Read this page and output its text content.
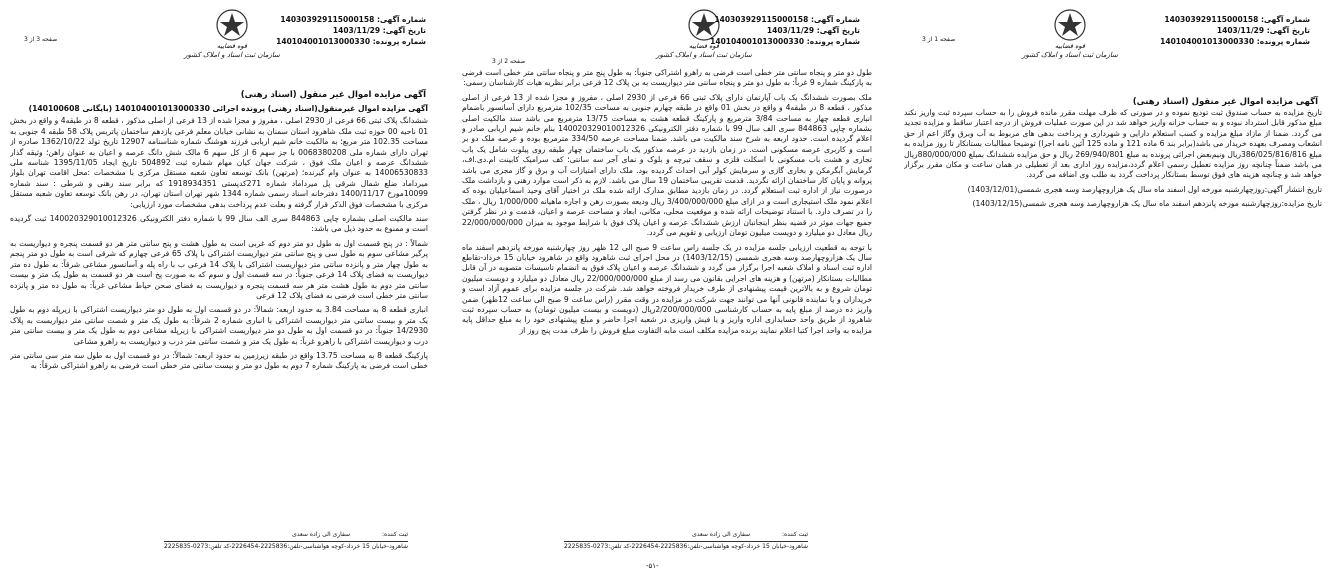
قوه قضاییه
سازمان ثبت اسناد و املاک کشور
شماره آگهی: 140303929115000158
تاریخ آگهی: 1403/11/29
شماره پرونده: 140104001013000330
صفحه 3 از 3
آگهی مزایده اموال غیر منقول (اسناد رهنی)
آگهی مزایده اموال غیرمنقول(اسناد رهنی) پرونده اجرائی 140104001013000330 (بایگانی 140100608)

ششدانگ پلاک ثبتی 66 فرعی از 2930 اصلی ، مفروز و مجزا شده از 13 فرعی از اصلی مذکور ، قطعه 8 در طبقه4 و واقع در بخش 01 ناحیه 00 حوزه ثبت ملک شاهرود استان سمنان به نشانی خیابان معلم فرعی یازدهم ساختمان پاتریس پلاک 58 طبقه 4 جنوبی به مساحت 102.35 متر مربع؛ به مالکیت خانم شیم اربابی فرزند هوشنگ شماره شناسنامه 12907 تاریخ تولد 1362/10/22 صادره از تهران دارای شماره ملی 0068380208 با جز سهم 6 از کل سهم 6 مالک شش دانگ عرصه و اعیان به عنوان راهن؛ وثیقه گذار ششدانگ عرصه و اعیان ملک فوق ، شرکت جهان کیان مهام شماره ثبت 504892 تاریخ ایجاد 1395/11/05 شناسه ملی 14006530833 به عنوان وام گیرنده؛ (مرتهن) بانک توسعه تعاون شعبه مستقل مرکزی با مشخصات :محل اقامت تهران بلوار میرداماد ضلع شمال شرقی پل میرداماد شماره 271کدپستی 1918934351 که برابر سند رهنی و شرطی : سند شماره 10099مورخ 1400/11/17 دفترخانه اسناد رسمی شماره 1344 شهر تهران استان تهران، در رهن بانک توسعه تعاون شعبه مستقل مرکزی با مشخصات فوق الذکر قرار گرفته و بعلت عدم پرداخت بدهی مشخصات مورد ارزیابی:

سند مالکیت اصلی بشماره چاپی 844863 سری الف سال 99 با شماره دفتر الکترونیکی 140020329010012326 ثبت گردیده است و ممنوع به حدود ذیل می باشد:

شمالاً : در پنج قسمت اول به طول دو متر دوم که غربی است به طول هشت و پنج سانتی متر هر دو قسمت پنجره و دیواریست به پرگیر مشاعی سوم به طول سی و پنج سانتی متر دیواریست اشتراکی با پلاک 65 فرعی چهارم که شرقی است به طول دو متر پنجم به طول چهار متر و پانزده سانتی متر دیواریست اشتراکی با پلاک 14 فرعی ب با راه پله و آسانسور مشاعی شرقاً: به طول ده متر دیواریست به فضای پلاک 14 فرعی جنوباً: در سه قسمت اول و سوم که به صورت پخ است هر دو قسمت به طول یک متر و بیست سانتی متر دوم به طول هشت متر هر سه قسمت پنجره و دیواریست به فضای صحن حیاط مشاعی غرباً: به طول ده متر و پانزده سانتی متر خطی است فرضی به فضای پلاک 12 فرعی

انباری قطعه 8 به مساحت 3.84 به حدود اربعه: شمالاً: در دو قسمت اول به طول دو متر دیواریست اشتراکی با زیرپله دوم به طول یک متر و بیست سانتی متر دیواریست اشتراکی با انباری شماره 2 شرقاً: به طول یک متر و شصت سانتی متر دیواریست به پلاک 14/2930 جنوباً: در دو قسمت اول به طول دو متر دیواریست اشتراکی با زیرپله مشاعی دوم به طول یک متر و بیست سانتی متر درب و دیواریست اشتراکی با راهرو غرباً: به طول یک متر و شصت سانتی متر درب و دیواریست به راهرو مشاعی

پارکینگ قطعه 8 به مساحت 13.75 واقع در طبقه زیرزمین به حدود اربعه: شمالاً: در دو قسمت اول به طول سه متر سی سانتی متر خطی است فرضی به پارکینگ شماره 7 دوم به طول دو متر و بیست سانتی متر خطی است فرضی به راهرو اشتراکی شرقاً: به

ثبت کننده: سفاری الی زاده سعدی
شاهرود-خیابان 15 خرداد-کوچه هواشناسی-تلفن:2225836-2226454-کد تلفن:0273-2225835
قوه قضاییه
سازمان ثبت اسناد و املاک کشور
شماره آگهی: 140303929115000158
تاریخ آگهی: 1403/11/29
شماره پرونده: 140104001013000330
صفحه 2 از 3

طول دو متر و پنجاه سانتی متر خطی است فرضی به راهرو اشتراکی جنوباً: به طول پنج متر و پنجاه سانتی متر خطی است فرضی به پارکینگ شماره 9 غرباً: به طول دو متر و پنجاه سانتی متر دیواریست به بن پلاک 12 فرعی برابر نظریه هیات کارشناسان رسمی:

ملک بصورت ششدانگ یک باب آپارتمان دارای پلاک ثبتی 66 فرعی از 2930 اصلی ، مفروز و مجزا شده از 13 فرعی از اصلی مذکور ، قطعه 8 در طبقه4 و واقع در بخش 01 واقع در طبقه چهارم جنوبی به مساحت 102/35 مترمربع دارای آسانسور باضمام انباری قطعه چهار به مساحت 3/84 مترمربع و پارکینگ قطعه هشت به مساحت 13/75 مترمربع می باشد سند مالکیت اصلی بشماره چاپی 844863 سری الف سال 99 با شماره دفتر الکترونیکی 140020329010012326 بنام خانم شیم اربابی صادر و اعلام گردیده است. حدود اربعه به شرح سند مالکیت می باشد. ضمنا مساحت عرصه 334/50 مترمربع بوده و عرصه ملک دو بر است و کاربری عرصه مسکونی است. در زمان بازدید در عرصه مذکور یک باب ساختمان چهار طبقه روی پیلوت شامل یک باب تجاری و هشت باب مسکونی با اسکلت فلزی و سقف تیرچه و بلوک و نمای آجر سه سانتی؛ کف سرامیک کابینت ام.دی.اف، گرمایش آبگرمکن و بخاری گازی و سرمایش کولر آبی احداث گردیده بود. ملک دارای امتیازات آب و برق و گاز مجزی می باشد پروانه و پایان کار ساختمان ارائه نگردید. قدمت تقریبی ساختمان 19 سال می باشد. لازم به ذکر است موارد رهنی و بازداشت ملک درصورت نیاز از اداره ثبت استعلام گردد. در زمان بازدید مطابق مدارک ارائه شده ملک در اختیار آقای وحید اسماعیلیان بوده که اعلام نمود ملک استیجاری است و در ازای مبلغ 3/400/000/000 ریال ودیعه بصورت رهن و اجاره ماهیانه 1/000/000 ریال ، ملک را در تصرف دارد. با استناد توضیحات ارائه شده و موقعیت محلی، مکانی، ابعاد و مساحت عرصه و اعیان، قدمت و در نظر گرفتن جمیع جهات موثر در قضیه بنظر اینجانبان ارزش ششدانگ عرصه و اعیان پلاک فوق با شرایط موجود به میزان 22/000/000/000 ریال معادل دو میلیارد و دویست میلیون تومان ارزیابی و تقویم می گردد.

با توجه به قطعیت ارزیابی جلسه مزایده در یک جلسه راس ساعت 9 صبح الی 12 ظهر روز چهارشنبه مورخه پانزدهم اسفند ماه سال یک هزاروچهارصد وسه هجری شمسی (1403/12/15) در محل اجرای ثبت شاهرود واقع در شاهرود خیابان 15 خرداد-تقاطع اداره ثبت اسناد و املاک شعبه اجرا برگزار می گردد و ششدانگ عرصه و اعیان پلاک فوق به انضمام تاسیسات متصوبه در آن قابل مطالبات بستانکار (مرتهن) و هزینه های اجرایی بقانون می رسد از مبلغ 22/000/000/000 ریال معادل دو میلیارد و دویست میلیون تومان شروع و به بالاترین قیمت پیشنهادی از طرف خریدار فروخته خواهد شد. شرکت در جلسه مزایده برای عموم آزاد است و خریداران و یا نماینده قانونی آنها می توانند جهت شرکت در مزایده در وقت مقرر (راس ساعت 9 صبح الی ساعت 12ظهر) ضمن واریز ده درصد از مبلغ پایه به حساب کارشناسی 2/200/000/000ریال (دویست و بیست میلیون تومان) به حساب سپرده ثبت شاهرود از طریق واحد حسابداری اداره واریز و یا فیش واریزی در شعبه اجرا حاضر و مبلغ پیشنهادی خود را به مبلغ حداقل پایه مزایده به واحد اجرا کتبا اعلام نمایند برنده مزایده مکلف است مابه التفاوت مبلغ فروش را ظرف مدت پنج روز از

ثبت کننده: سفاری الی زاده سعدی
شاهرود-خیابان 15 خرداد-کوچه هواشناسی-تلفن:2225836-2226454-کد تلفن:0273-2225835
-۵۱-
قوه قضاییه
سازمان ثبت اسناد و املاک کشور
شماره آگهی: 140303929115000158
تاریخ آگهی: 1403/11/29
شماره پرونده: 140104001013000330
صفحه 1 از 3
آگهی مزایده اموال غیر منقول (اسناد رهنی)

تاریخ مزایده به حساب صندوق ثبت تودیع نموده و در صورتی که ظرف مهلت مقرر مانده فروش را به حساب سپرده ثبت واریز نکند مبلغ مذکور قابل استرداد نبوده و به حساب خزانه واریز خواهد شد در این صورت عملیات فروش از درجه اعتبار ساقط و مزایده تجدید می گردد. ضمنا از مازاد مبلغ مزایده و کسب استعلام دارایی و شهرداری و پرداخت بدهی های مربوط به آب وبرق وگاز اعم از حق انشعاب ومصرف بعهده خریدار می باشد(برابر بند 6 ماده 121 و ماده 125 آئین نامه اجرا) توضیحا مطالبات بستانکار تا روز مزایده به مبلغ 386/025/816/816ریال ونیم‌بعض اجرائی پرونده به مبلغ 269/940/801 ریال و حق مزایده ششدانگ بمبلغ 880/000/000ریال می باشد ضمناً چنانچه روز مزایده تعطیل رسمی اعلام گردد،مزایده روز اداری بعد از تعطیلی در همان ساعت و مکان مقرر برگزار خواهد شد و چنانچه هزینه های فوق توسط بستانکار پرداخت گردد به طلب وی اضافه می گردد.

تاریخ انتشار آگهی:روزچهارشنبه مورخه اول اسفند ماه سال یک هزاروچهارصد وسه هجری شمسی(1403/12/01)

تاریخ مزایده:روزچهارشنبه مورخه پانزدهم اسفند ماه سال یک هزاروچهارصد وسه هجری شمسی(1403/12/15)
